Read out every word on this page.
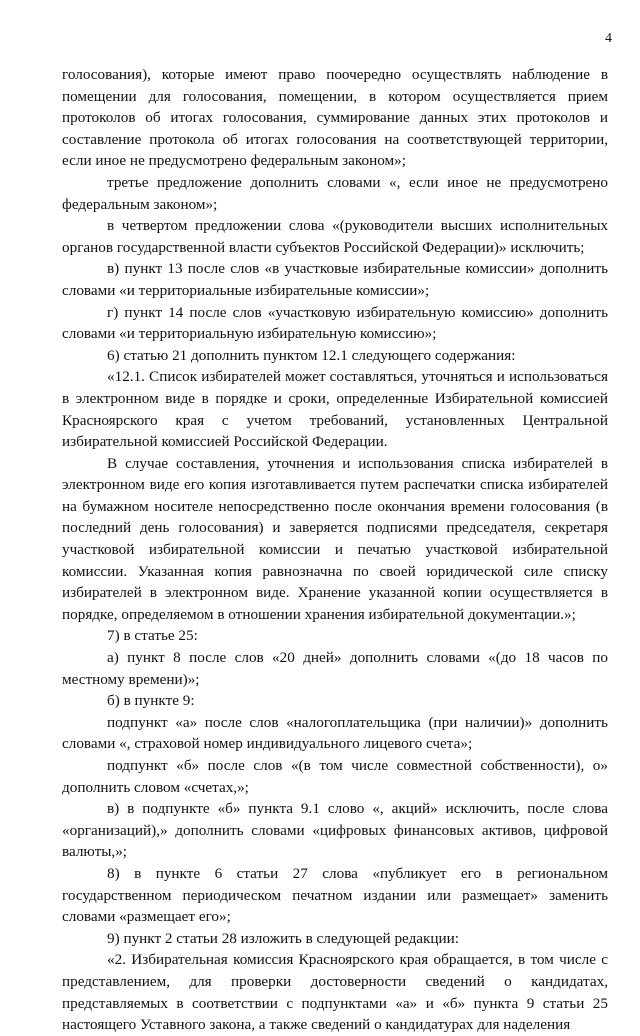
4

голосования), которые имеют право поочередно осуществлять наблюдение в помещении для голосования, помещении, в котором осуществляется прием протоколов об итогах голосования, суммирование данных этих протоколов и составление протокола об итогах голосования на соответствующей территории, если иное не предусмотрено федеральным законом»;

третье предложение дополнить словами «, если иное не предусмотрено федеральным законом»;

в четвертом предложении слова «(руководители высших исполнительных органов государственной власти субъектов Российской Федерации)» исключить;

в) пункт 13 после слов «в участковые избирательные комиссии» дополнить словами «и территориальные избирательные комиссии»;

г) пункт 14 после слов «участковую избирательную комиссию» дополнить словами «и территориальную избирательную комиссию»;

6) статью 21 дополнить пунктом 12.1 следующего содержания:

«12.1. Список избирателей может составляться, уточняться и использоваться в электронном виде в порядке и сроки, определенные Избирательной комиссией Красноярского края с учетом требований, установленных Центральной избирательной комиссией Российской Федерации.

В случае составления, уточнения и использования списка избирателей в электронном виде его копия изготавливается путем распечатки списка избирателей на бумажном носителе непосредственно после окончания времени голосования (в последний день голосования) и заверяется подписями председателя, секретаря участковой избирательной комиссии и печатью участковой избирательной комиссии. Указанная копия равнозначна по своей юридической силе списку избирателей в электронном виде. Хранение указанной копии осуществляется в порядке, определяемом в отношении хранения избирательной документации.»;

7) в статье 25:

а) пункт 8 после слов «20 дней» дополнить словами «(до 18 часов по местному времени)»;

б) в пункте 9:

подпункт «а» после слов «налогоплательщика (при наличии)» дополнить словами «, страховой номер индивидуального лицевого счета»;

подпункт «б» после слов «(в том числе совместной собственности), о» дополнить словом «счетах,»;

в) в подпункте «б» пункта 9.1 слово «, акций» исключить, после слова «организаций),» дополнить словами «цифровых финансовых активов, цифровой валюты,»;

8) в пункте 6 статьи 27 слова «публикует его в региональном государственном периодическом печатном издании или размещает» заменить словами «размещает его»;

9) пункт 2 статьи 28 изложить в следующей редакции:

«2. Избирательная комиссия Красноярского края обращается, в том числе с представлением, для проверки достоверности сведений о кандидатах, представляемых в соответствии с подпунктами «а» и «б» пункта 9 статьи 25 настоящего Уставного закона, а также сведений о кандидатурах для наделения
